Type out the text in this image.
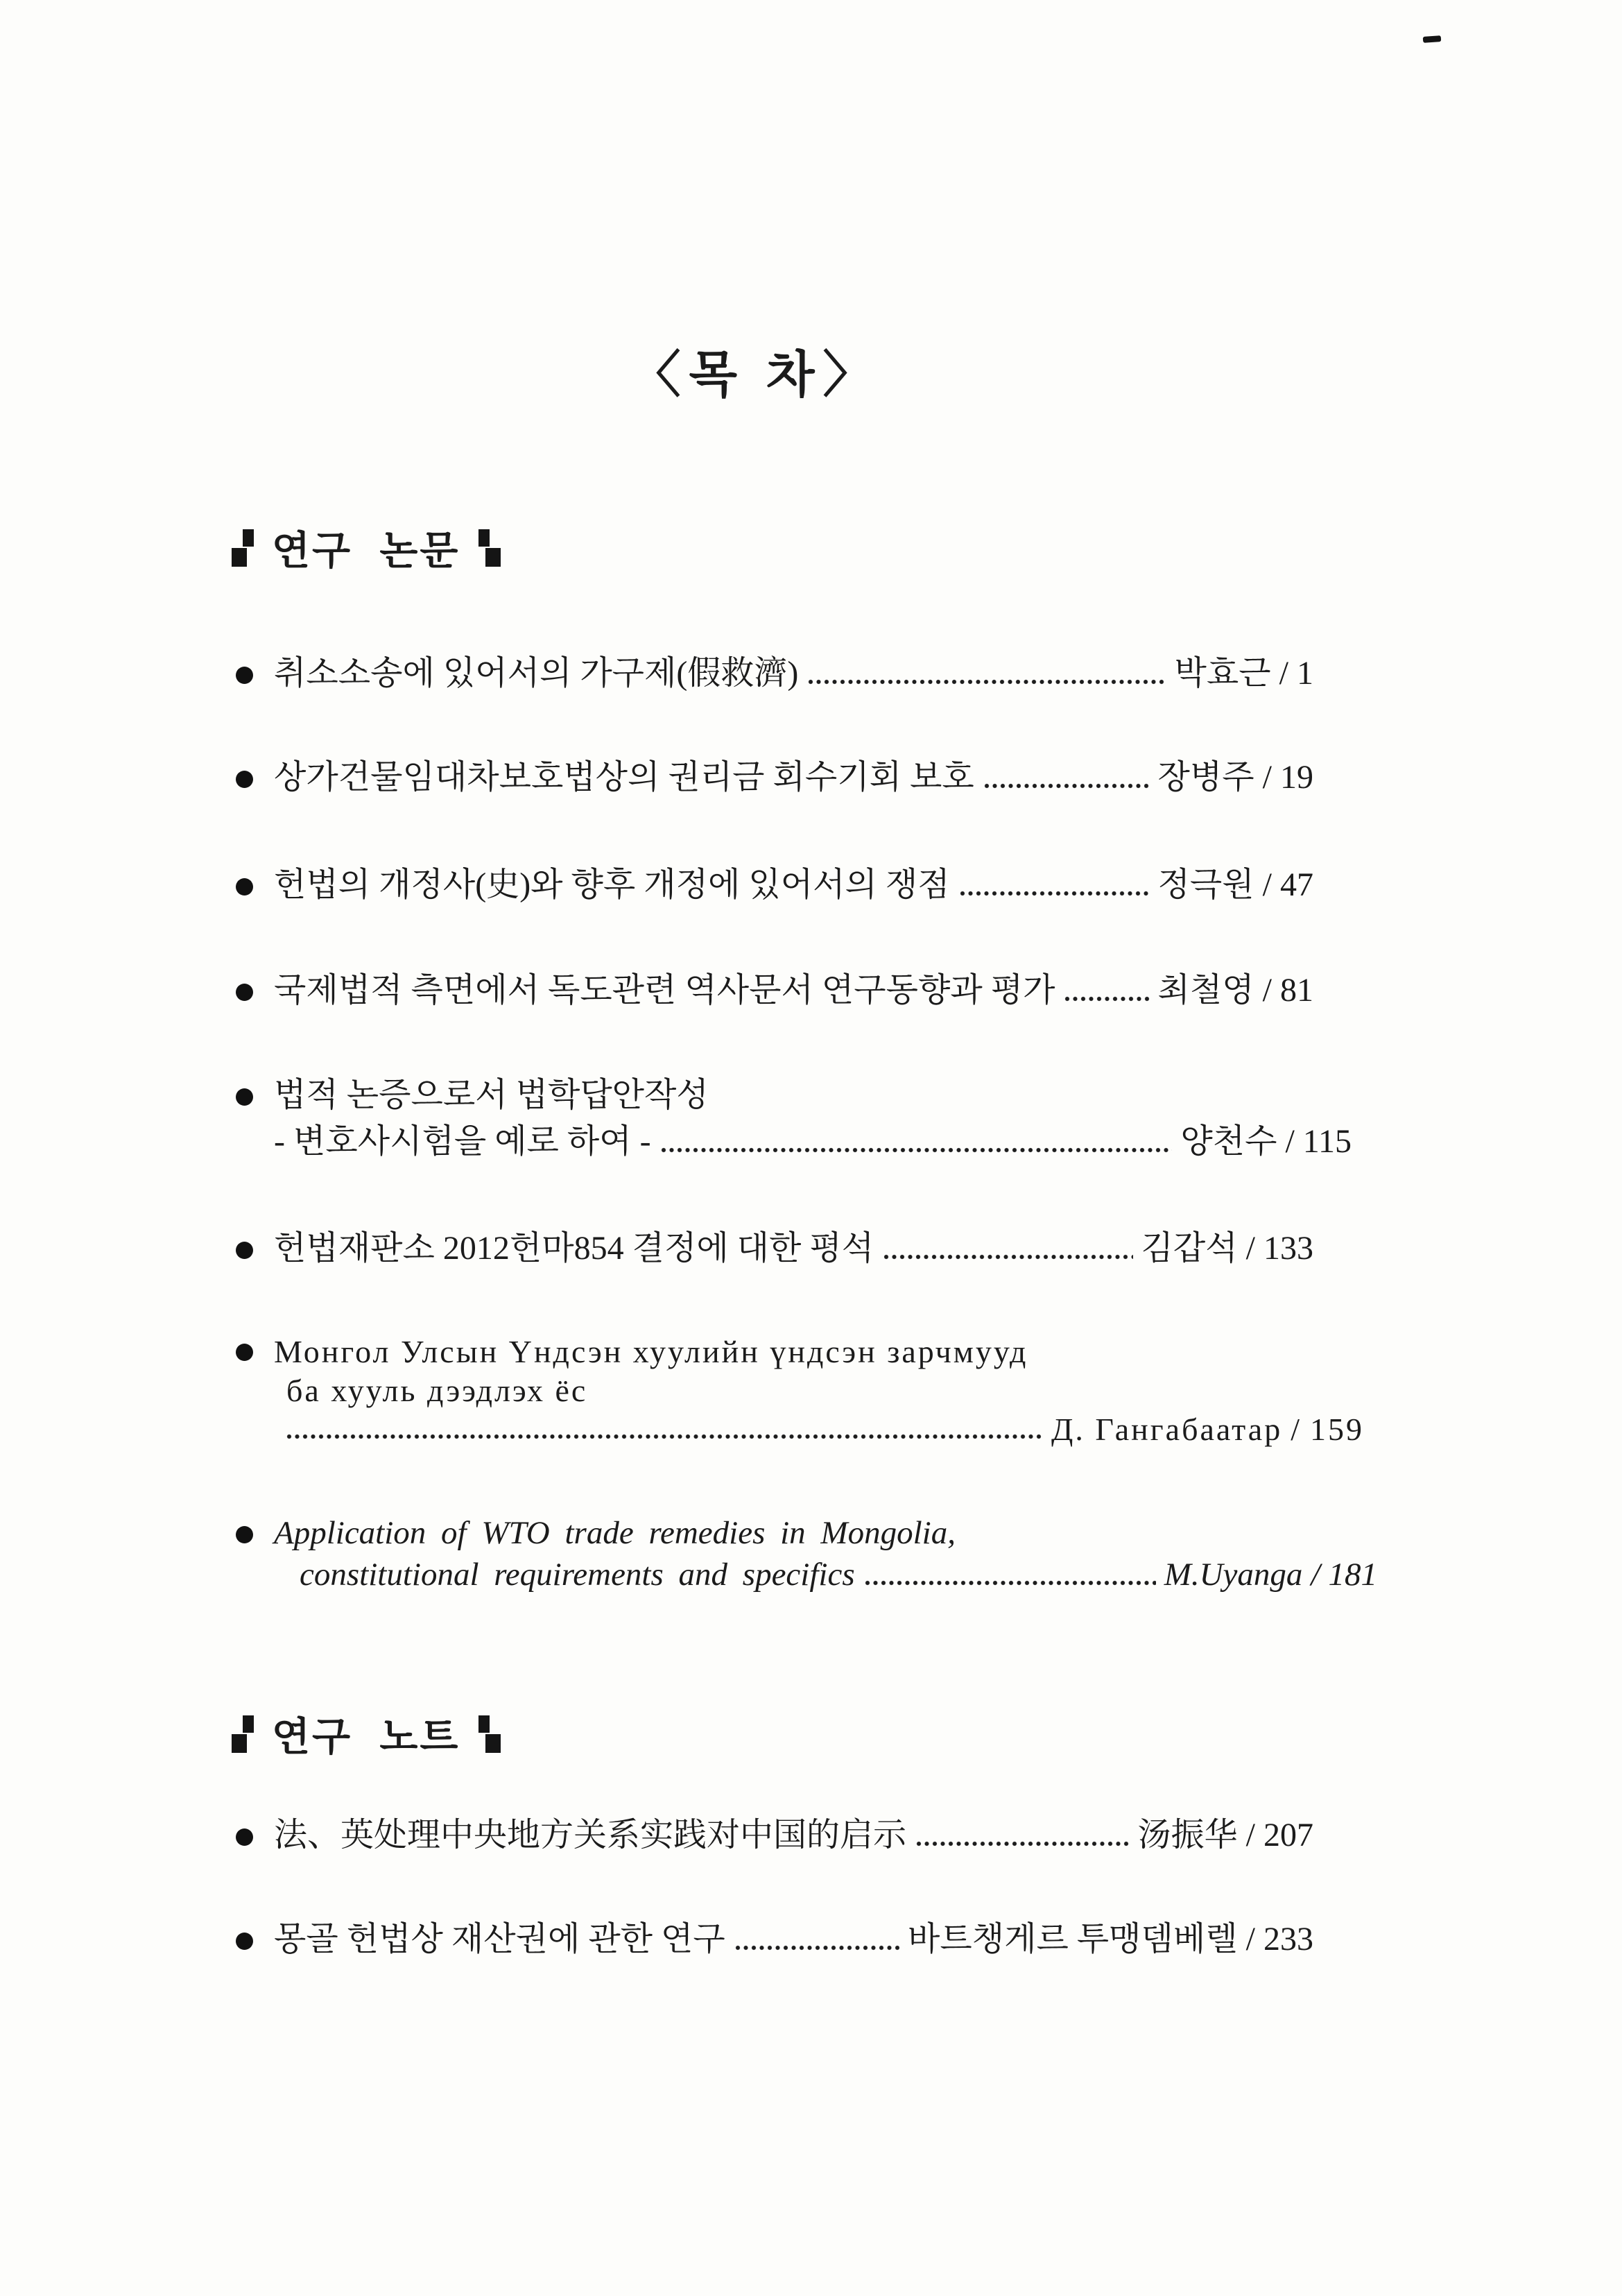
〈목 차〉
연구 논문
취소소송에 있어서의 가구제(假救濟)	박효근 / 1
상가건물임대차보호법상의 권리금 회수기회 보호	장병주 / 19
헌법의 개정사(史)와 향후 개정에 있어서의 쟁점	정극원 / 47
국제법적 측면에서 독도관련 역사문서 연구동향과 평가	최철영 / 81
법적 논증으로서 법학답안작성
- 변호사시험을 예로 하여 -	양천수 / 115
헌법재판소 2012헌마854 결정에 대한 평석	김갑석 / 133
Монгол Улсын Үндсэн хуулийн үндсэн зарчмууд
ба хууль дээдлэх ёс
Д. Гангабаатар / 159
Application of WTO trade remedies in Mongolia,
constitutional requirements and specifics	M.Uyanga / 181
연구 노트
法、英处理中央地方关系实践对中国的启示	汤振华 / 207
몽골 헌법상 재산권에 관한 연구	바트챙게르 투맹뎀베렐 / 233
